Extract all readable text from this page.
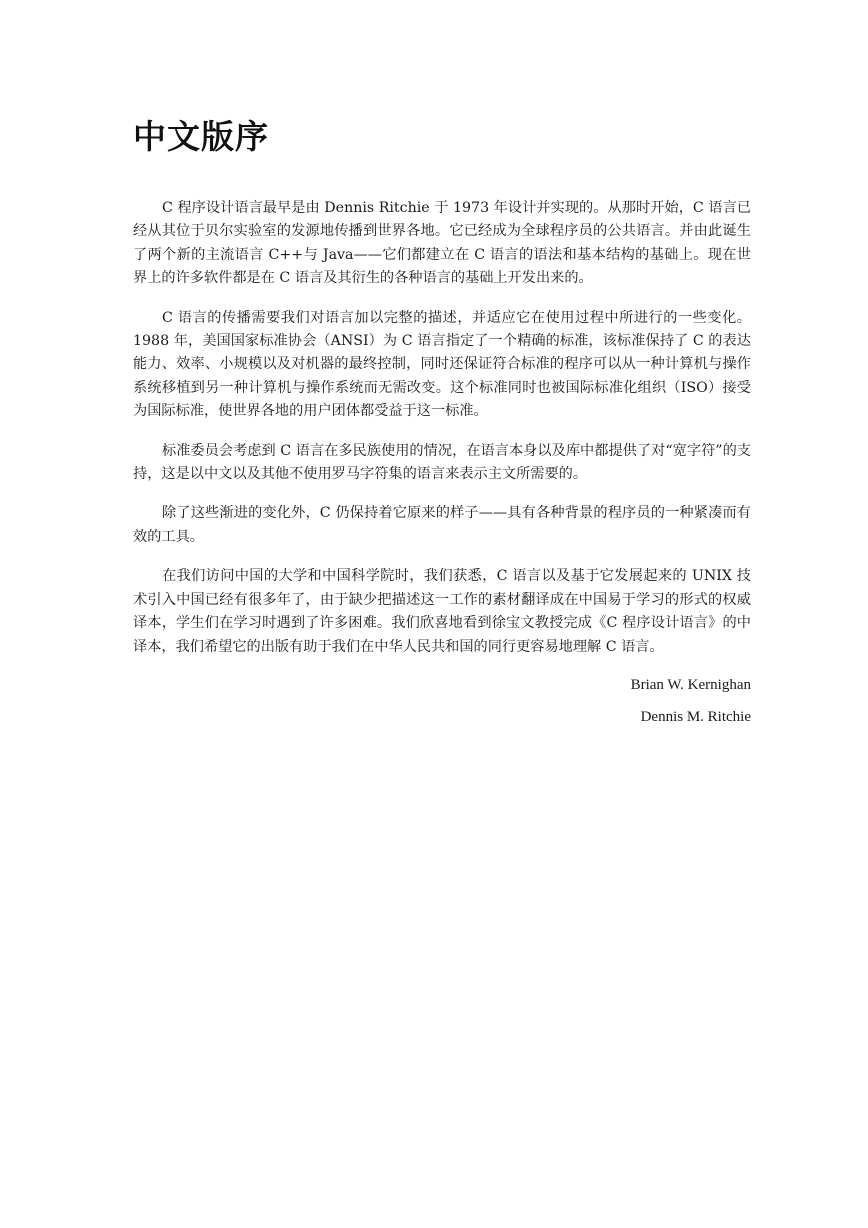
中文版序

C 程序设计语言最早是由 Dennis Ritchie 于 1973 年设计并实现的。从那时开始，C 语言已经从其位于贝尔实验室的发源地传播到世界各地。它已经成为全球程序员的公共语言。并由此诞生了两个新的主流语言 C++与 Java——它们都建立在 C 语言的语法和基本结构的基础上。现在世界上的许多软件都是在 C 语言及其衍生的各种语言的基础上开发出来的。

C 语言的传播需要我们对语言加以完整的描述，并适应它在使用过程中所进行的一些变化。1988 年，美国国家标准协会（ANSI）为 C 语言指定了一个精确的标准，该标准保持了 C 的表达能力、效率、小规模以及对机器的最终控制，同时还保证符合标准的程序可以从一种计算机与操作系统移植到另一种计算机与操作系统而无需改变。这个标准同时也被国际标准化组织（ISO）接受为国际标准，使世界各地的用户团体都受益于这一标准。

标准委员会考虑到 C 语言在多民族使用的情况，在语言本身以及库中都提供了对“宽字符”的支持，这是以中文以及其他不使用罗马字符集的语言来表示主文所需要的。

除了这些渐进的变化外，C 仍保持着它原来的样子——具有各种背景的程序员的一种紧凑而有效的工具。

在我们访问中国的大学和中国科学院时，我们获悉，C 语言以及基于它发展起来的 UNIX 技术引入中国已经有很多年了，由于缺少把描述这一工作的素材翻译成在中国易于学习的形式的权威译本，学生们在学习时遇到了许多困难。我们欣喜地看到徐宝文教授完成《C 程序设计语言》的中译本，我们希望它的出版有助于我们在中华人民共和国的同行更容易地理解 C 语言。

Brian W. Kernighan

Dennis M. Ritchie
